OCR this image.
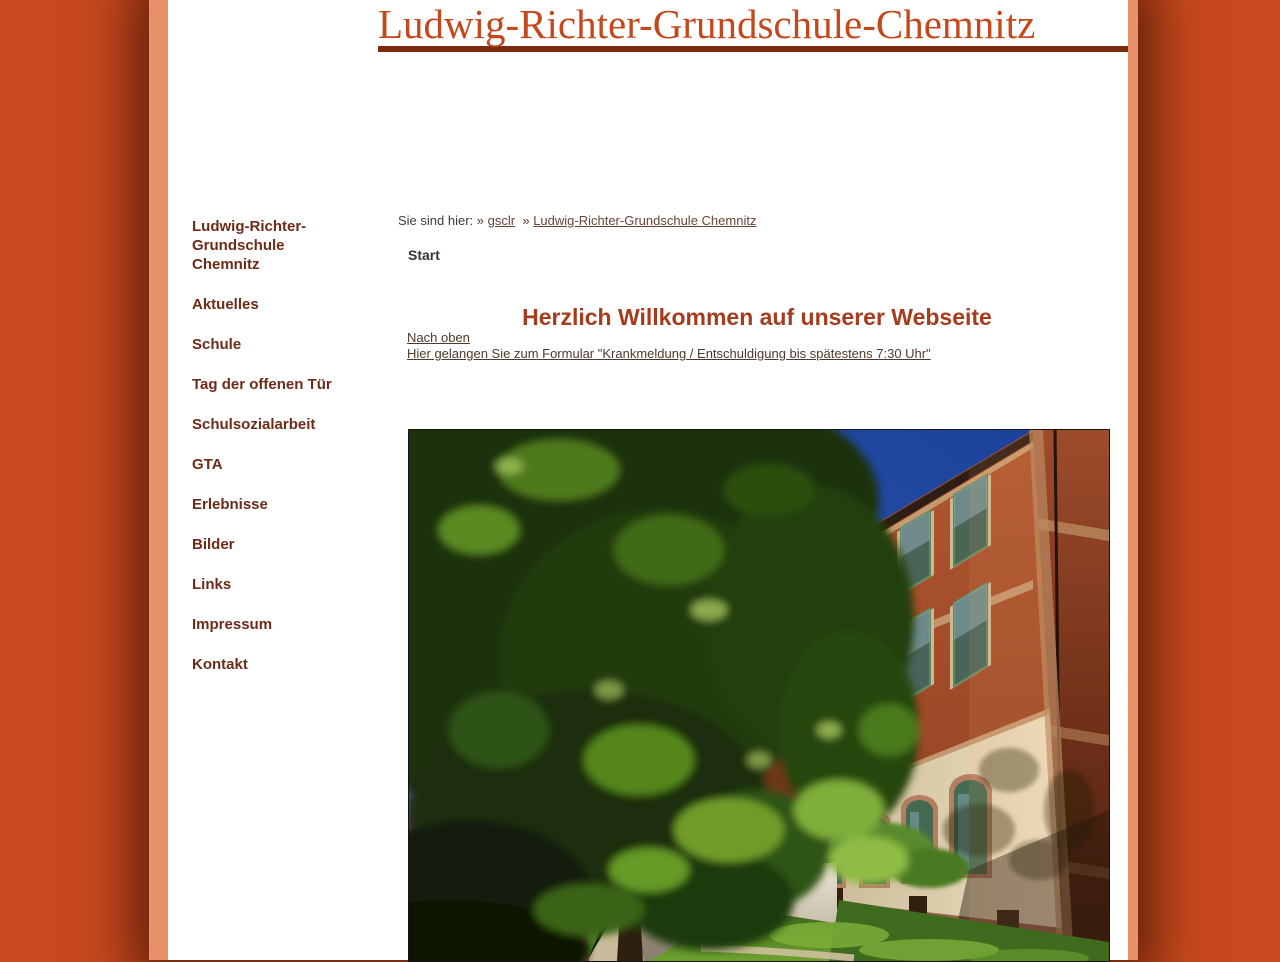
Ludwig-Richter-Grundschule-Chemnitz
Ludwig-Richter-Grundschule Chemnitz
Aktuelles
Schule
Tag der offenen Tür
Schulsozialarbeit
GTA
Erlebnisse
Bilder
Links
Impressum
Kontakt
Sie sind hier: » gsclr » Ludwig-Richter-Grundschule Chemnitz
Start
Herzlich Willkommen auf unserer Webseite
Nach oben
Hier gelangen Sie zum Formular "Krankmeldung / Entschuldigung bis spätestens 7:30 Uhr"
